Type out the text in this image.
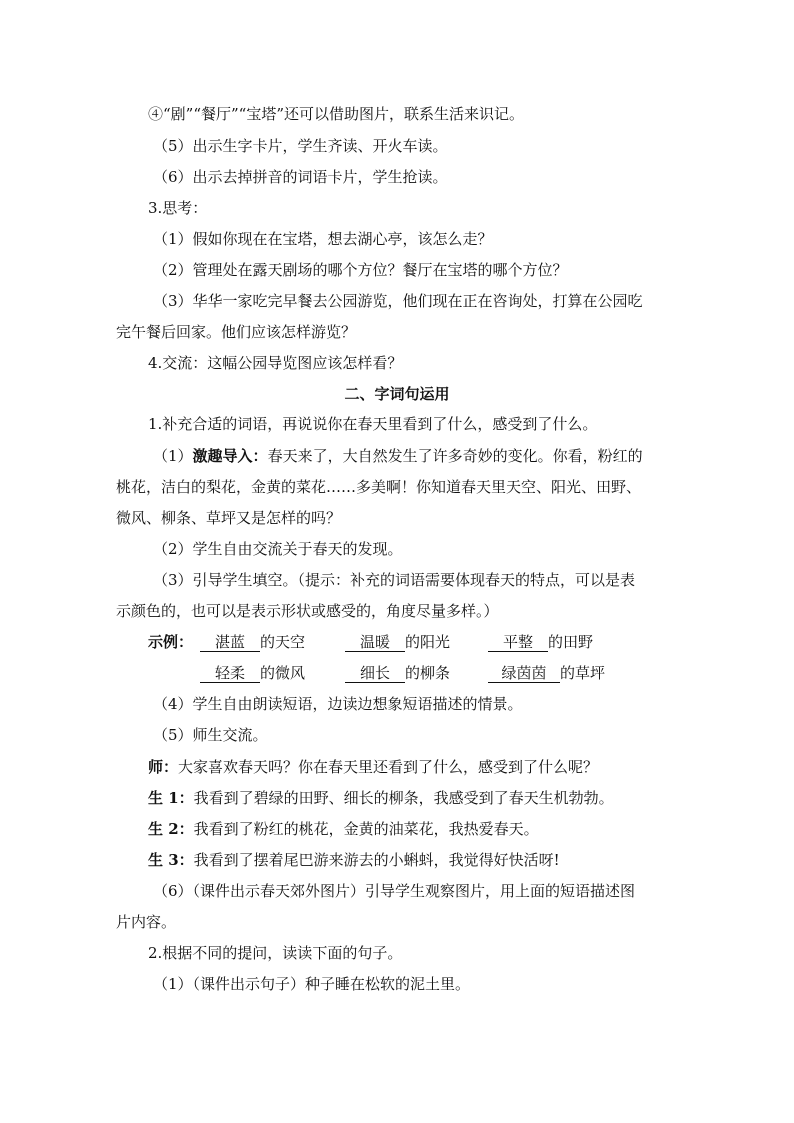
④“剧”“餐厅”“宝塔”还可以借助图片，联系生活来识记。
（5）出示生字卡片，学生齐读、开火车读。
（6）出示去掉拼音的词语卡片，学生抢读。
3.思考：
（1）假如你现在在宝塔，想去湖心亭，该怎么走？
（2）管理处在露天剧场的哪个方位？餐厅在宝塔的哪个方位？
（3）华华一家吃完早餐去公园游览，他们现在正在咨询处，打算在公园吃
完午餐后回家。他们应该怎样游览？
4.交流：这幅公园导览图应该怎样看？
二、字词句运用
1.补充合适的词语，再说说你在春天里看到了什么，感受到了什么。
（1）激趣导入：春天来了，大自然发生了许多奇妙的变化。你看，粉红的
桃花，洁白的梨花，金黄的菜花……多美啊！你知道春天里天空、阳光、田野、
微风、柳条、草坪又是怎样的吗？
（2）学生自由交流关于春天的发现。
（3）引导学生填空。（提示：补充的词语需要体现春天的特点，可以是表
示颜色的，也可以是表示形状或感受的，角度尽量多样。）
示例：	湛蓝 的天空	温暖 的阳光	平整 的田野
轻柔 的微风	细长 的柳条	绿茵茵 的草坪
（4）学生自由朗读短语，边读边想象短语描述的情景。
（5）师生交流。
师：大家喜欢春天吗？你在春天里还看到了什么，感受到了什么呢？
生 1：我看到了碧绿的田野、细长的柳条，我感受到了春天生机勃勃。
生 2：我看到了粉红的桃花，金黄的油菜花，我热爱春天。
生 3：我看到了摆着尾巴游来游去的小蝌蚪，我觉得好快活呀!
（6）（课件出示春天郊外图片）引导学生观察图片，用上面的短语描述图
片内容。
2.根据不同的提问，读读下面的句子。
（1）（课件出示句子）种子睡在松软的泥土里。
